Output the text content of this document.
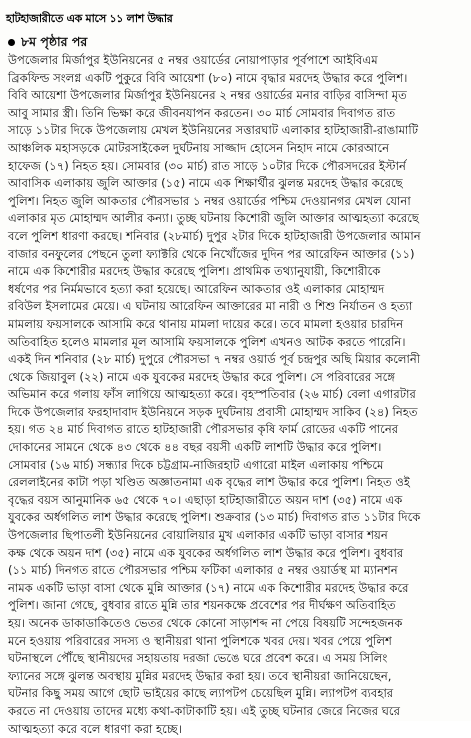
হাটহাজারীতে এক মাসে ১১ লাশ উদ্ধার
৮ম পৃষ্ঠার পর
উপজেলার মির্জাপুর ইউনিয়নের ৫ নম্বর ওয়ার্ডের নোয়াপাড়ার পূর্বপাশে আইবিএম
ব্রিকফিল্ড সংলগ্ন একটি পুকুরে বিবি আয়েশা (৮০) নামে বৃদ্ধার মরদেহ উদ্ধার করে পুলিশ।
বিবি আয়েশা উপজেলার মির্জাপুর ইউনিয়নের ২ নম্বর ওয়ার্ডের মনার বাড়ির বাসিন্দা মৃত
আবু সামার স্ত্রী। তিনি ভিক্ষা করে জীবনযাপন করতেন। ৩০ মার্চ সোমবার দিবাগত রাত
সাড়ে ১১টার দিকে উপজেলায় মেখল ইউনিয়নের সত্তারঘাট এলাকার হাটহাজারী-রাঙামাটি
আঞ্চলিক মহাসড়কে মোটরসাইকেল দুর্ঘটনায় সাজ্জাদ হোসেন নিহাদ নামে কোরআনে
হাফেজ (১৭) নিহত হয়। সোমবার (৩০ মার্চ) রাত সাড়ে ১০টার দিকে পৌরসদরের ইস্টার্ন
আবাসিক এলাকায় জুলি আক্তার (১৫) নামে এক শিক্ষার্থীর ঝুলন্ত মরদেহ উদ্ধার করেছে
পুলিশ। নিহত জুলি আকতার পৌরসভার ১ নম্বর ওয়ার্ডের পশ্চিম দেওয়ানগর মেখল যোনা
এলাকার মৃত মোহাম্মদ আলীর কন্যা। তুচ্ছ ঘটনায় কিশোরী জুলি আক্তার আত্মহত্যা করেছে
বলে পুলিশ ধারণা করছে। শনিবার (২৮মার্চ) দুপুর ২টার দিকে হাটহাজারী উপজেলার আমান
বাজার বনফুলের পেছনে তুলা ফ্যাক্টরি থেকে নিখোঁজের দুদিন পর আরেফিন আক্তার (১১)
নামে এক কিশোরীর মরদেহ উদ্ধার করেছে পুলিশ। প্রাথমিক তথ্যানুযায়ী, কিশোরীকে
ধর্ষণের পর নির্মমভাবে হত্যা করা হয়েছে। আরেফিন আকতার ওই এলাকার মোহাম্মদ
রবিউল ইসলামের মেয়ে। এ ঘটনায় আরেফিন আক্তারের মা নারী ও শিশু নির্যাতন ও হত্যা
মামলায় ফয়সালকে আসামি করে থানায় মামলা দায়ের করে। তবে মামলা হওয়ার চারদিন
অতিবাহিত হলেও মামলার মূল আসামি ফয়সালকে পুলিশ এখনও আটক করতে পারেনি।
একই দিন শনিবার (২৮ মার্চ) দুপুরে পৌরসভা ৭ নম্বর ওয়ার্ড পূর্ব চন্দ্রপুর অছি মিয়ার কলোনী
থেকে জিয়াবুল (২২) নামে এক যুবকের মরদেহ উদ্ধার করে পুলিশ। সে পরিবারের সঙ্গে
অভিমান করে গলায় ফাঁস লাগিয়ে আত্মহত্যা করে। বৃহস্পতিবার (২৬ মার্চ) বেলা এগারটার
দিকে উপজেলার ফরহাদাবাদ ইউনিয়নে সড়ক দুর্ঘটনায় প্রবাসী মোহাম্মদ সাকিব (২৪) নিহত
হয়। গত ২৪ মার্চ দিবাগত রাতে হাটহাজারী পৌরসভার কৃষি ফার্ম রোডের একটি পানের
দোকানের সামনে থেকে ৪৩ থেকে ৪৪ বছর বয়সী একটি লাশটি উদ্ধার করে পুলিশ।
সোমবার (১৬ মার্চ) সন্ধ্যার দিকে চট্টগ্রাম-নাজিরহাট এগারো মাইল এলাকায় পশ্চিমে
রেললাইনের কাটা পড়া খণ্ডিত অজ্ঞাতনামা এক বৃদ্ধের লাশ উদ্ধার করে পুলিশ। নিহত ওই
বৃদ্ধের বয়স আনুমানিক ৬৫ থেকে ৭০। এছাড়া হাটহাজারীতে অয়ন দাশ (৩৫) নামে এক
যুবকের অর্ধগলিত লাশ উদ্ধার করেছে পুলিশ। শুক্রবার (১৩ মার্চ) দিবাগত রাত ১১টার দিকে
উপজেলার ছিপাতলী ইউনিয়নের বোয়ালিয়ার মুখ এলাকার একটি ভাড়া বাসার শয়ন
কক্ষ থেকে অয়ন দাশ (৩৫) নামে এক যুবকের অর্ধগলিত লাশ উদ্ধার করে পুলিশ। বুধবার
(১১ মার্চ) দিনগত রাতে পৌরসভার পশ্চিম ফটিকা এলাকার ৫ নম্বর ওয়ার্ডস্থ মা ম্যানশন
নামক একটি ভাড়া বাসা থেকে মুন্নি আক্তার (১৭) নামে এক কিশোরীর মরদেহ উদ্ধার করে
পুলিশ। জানা গেছে, বুধবার রাতে মুন্নি তার শয়নকক্ষে প্রবেশের পর দীর্ঘক্ষণ অতিবাহিত
হয়। অনেক ডাকাডাকিতেও ভেতর থেকে কোনো সাড়াশব্দ না পেয়ে বিষয়টি সন্দেহজনক
মনে হওয়ায় পরিবারের সদস্য ও স্থানীয়রা থানা পুলিশকে খবর দেয়। খবর পেয়ে পুলিশ
ঘটনাস্থলে পৌঁছে স্থানীয়দের সহায়তায় দরজা ভেঙে ঘরে প্রবেশ করে। এ সময় সিলিং
ফ্যানের সঙ্গে ঝুলন্ত অবস্থায় মুন্নির মরদেহ উদ্ধার করা হয়। তবে স্থানীয়রা জানিয়েছেন,
ঘটনার কিছু সময় আগে ছোট ভাইয়ের কাছে ল্যাপটপ চেয়েছিল মুন্নি। ল্যাপটপ ব্যবহার
করতে না দেওয়ায় তাদের মধ্যে কথা-কাটাকাটি হয়। এই তুচ্ছ ঘটনার জেরে নিজের ঘরে
আত্মহত্যা করে বলে ধারণা করা হচ্ছে।
